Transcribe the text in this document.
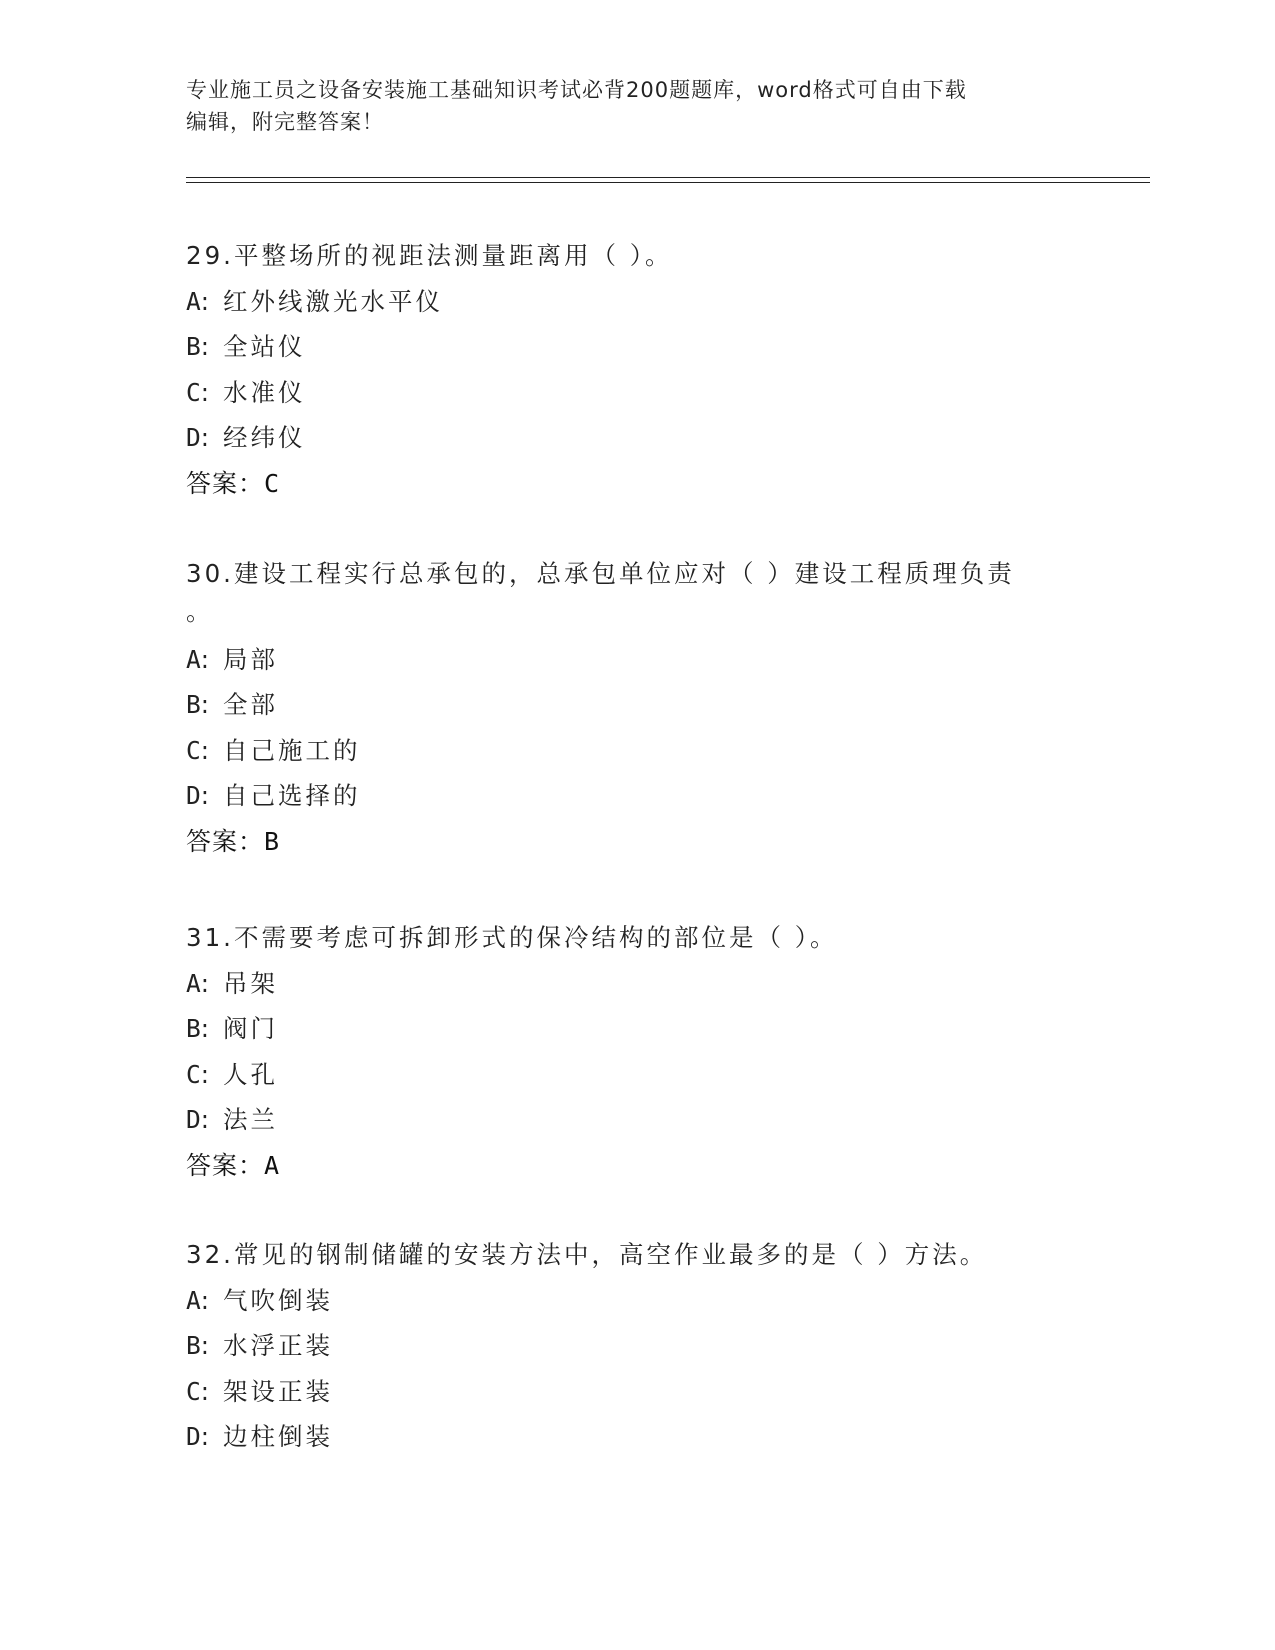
专业施工员之设备安装施工基础知识考试必背200题题库，word格式可自由下载
编辑，附完整答案！
29.平整场所的视距法测量距离用（ ）。
A: 红外线激光水平仪
B: 全站仪
C: 水准仪
D: 经纬仪
答案：C
30.建设工程实行总承包的，总承包单位应对（ ）建设工程质理负责
。
A: 局部
B: 全部
C: 自己施工的
D: 自己选择的
答案：B
31.不需要考虑可拆卸形式的保冷结构的部位是（ ）。
A: 吊架
B: 阀门
C: 人孔
D: 法兰
答案：A
32.常见的钢制储罐的安装方法中，高空作业最多的是（ ）方法。
A: 气吹倒装
B: 水浮正装
C: 架设正装
D: 边柱倒装
